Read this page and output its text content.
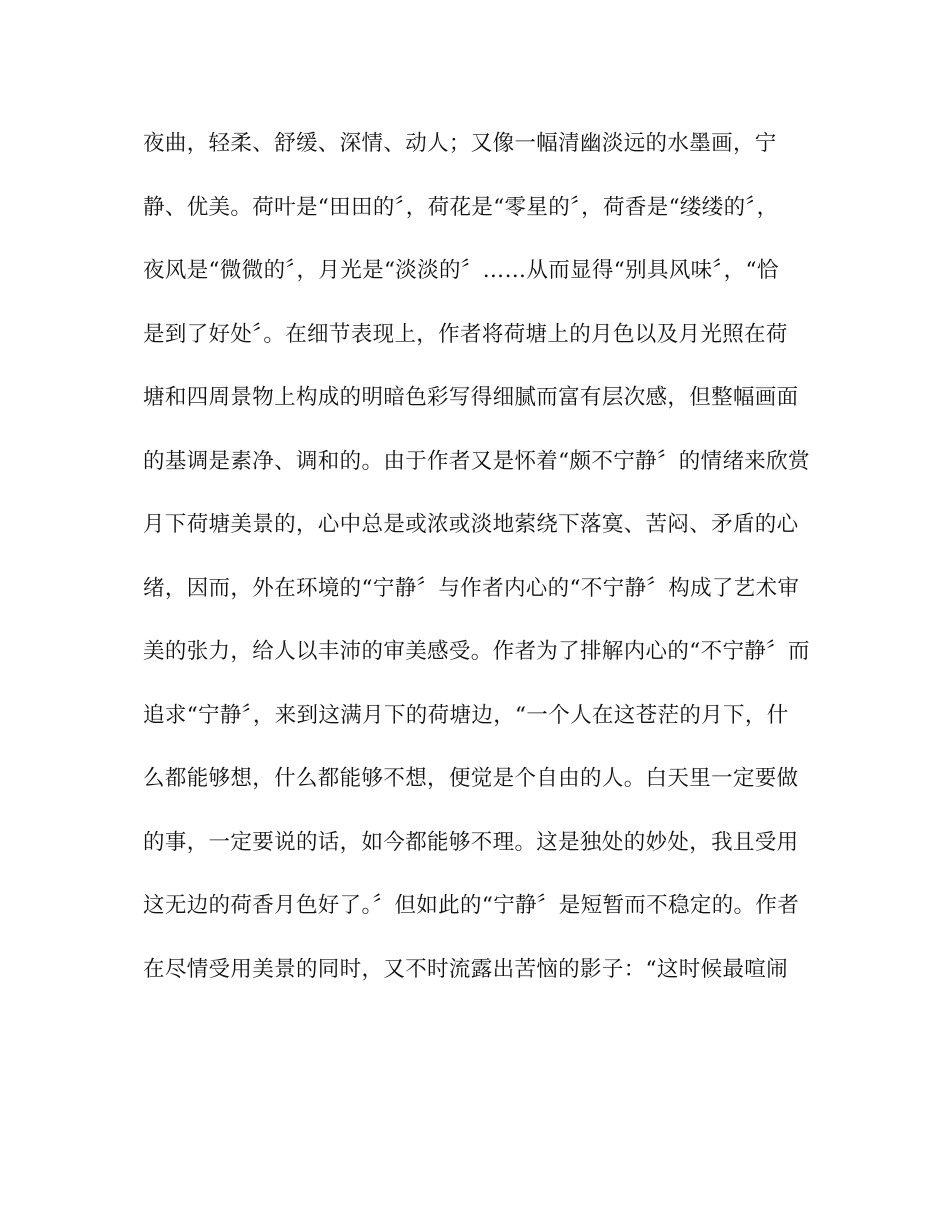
夜曲，轻柔、舒缓、深情、动人；又像一幅清幽淡远的水墨画，宁
静、优美。荷叶是“田田的〞，荷花是“零星的〞，荷香是“缕缕的〞，
夜风是“微微的〞，月光是“淡淡的〞……从而显得“别具风味〞，“恰
是到了好处〞。在细节表现上，作者将荷塘上的月色以及月光照在荷
塘和四周景物上构成的明暗色彩写得细腻而富有层次感，但整幅画面
的基调是素净、调和的。由于作者又是怀着“颇不宁静〞的情绪来欣赏
月下荷塘美景的，心中总是或浓或淡地萦绕下落寞、苦闷、矛盾的心
绪，因而，外在环境的“宁静〞与作者内心的“不宁静〞构成了艺术审
美的张力，给人以丰沛的审美感受。作者为了排解内心的“不宁静〞而
追求“宁静〞，来到这满月下的荷塘边，“一个人在这苍茫的月下，什
么都能够想，什么都能够不想，便觉是个自由的人。白天里一定要做
的事，一定要说的话，如今都能够不理。这是独处的妙处，我且受用
这无边的荷香月色好了。〞但如此的“宁静〞是短暂而不稳定的。作者
在尽情受用美景的同时，又不时流露出苦恼的影子：“这时候最喧闹
